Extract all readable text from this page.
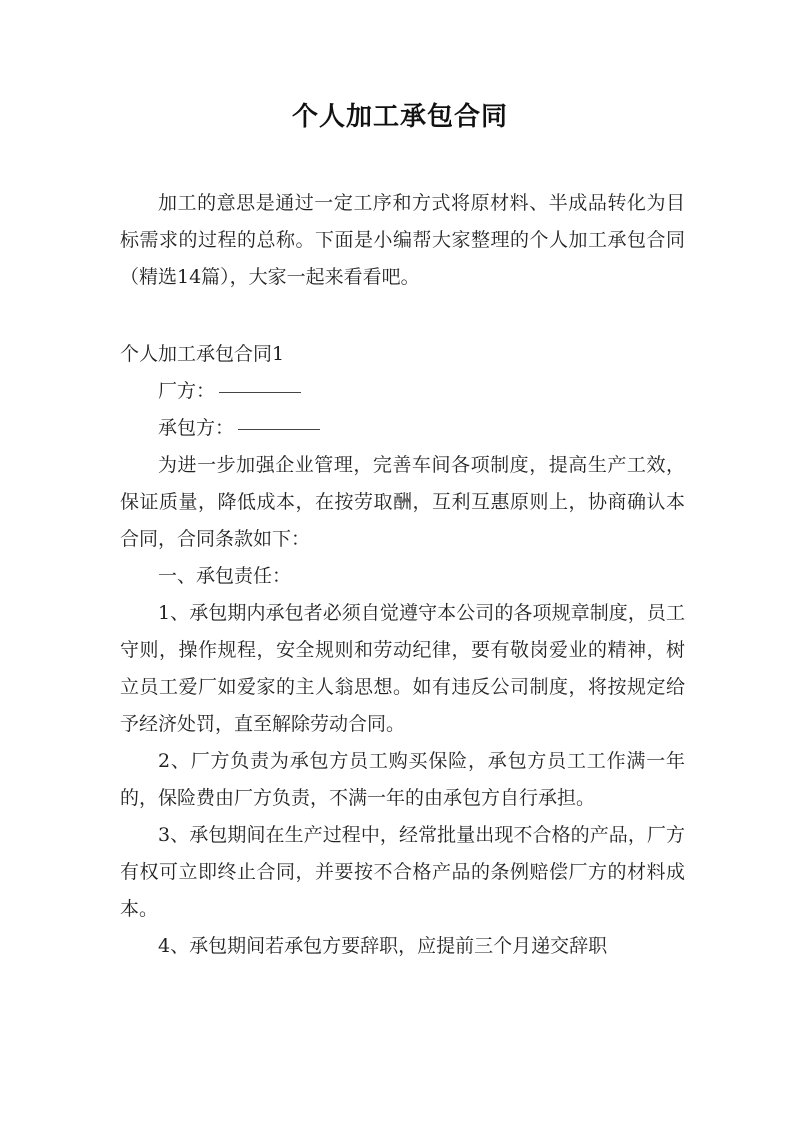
个人加工承包合同

加工的意思是通过一定工序和方式将原材料、半成品转化为目标需求的过程的总称。下面是小编帮大家整理的个人加工承包合同（精选14篇），大家一起来看看吧。

个人加工承包合同1

厂方：

承包方：

为进一步加强企业管理，完善车间各项制度，提高生产工效，保证质量，降低成本，在按劳取酬，互利互惠原则上，协商确认本合同，合同条款如下：

一、承包责任：

1、承包期内承包者必须自觉遵守本公司的各项规章制度，员工守则，操作规程，安全规则和劳动纪律，要有敬岗爱业的精神，树立员工爱厂如爱家的主人翁思想。如有违反公司制度，将按规定给予经济处罚，直至解除劳动合同。

2、厂方负责为承包方员工购买保险，承包方员工工作满一年的，保险费由厂方负责，不满一年的由承包方自行承担。

3、承包期间在生产过程中，经常批量出现不合格的产品，厂方有权可立即终止合同，并要按不合格产品的条例赔偿厂方的材料成本。

4、承包期间若承包方要辞职，应提前三个月递交辞职
